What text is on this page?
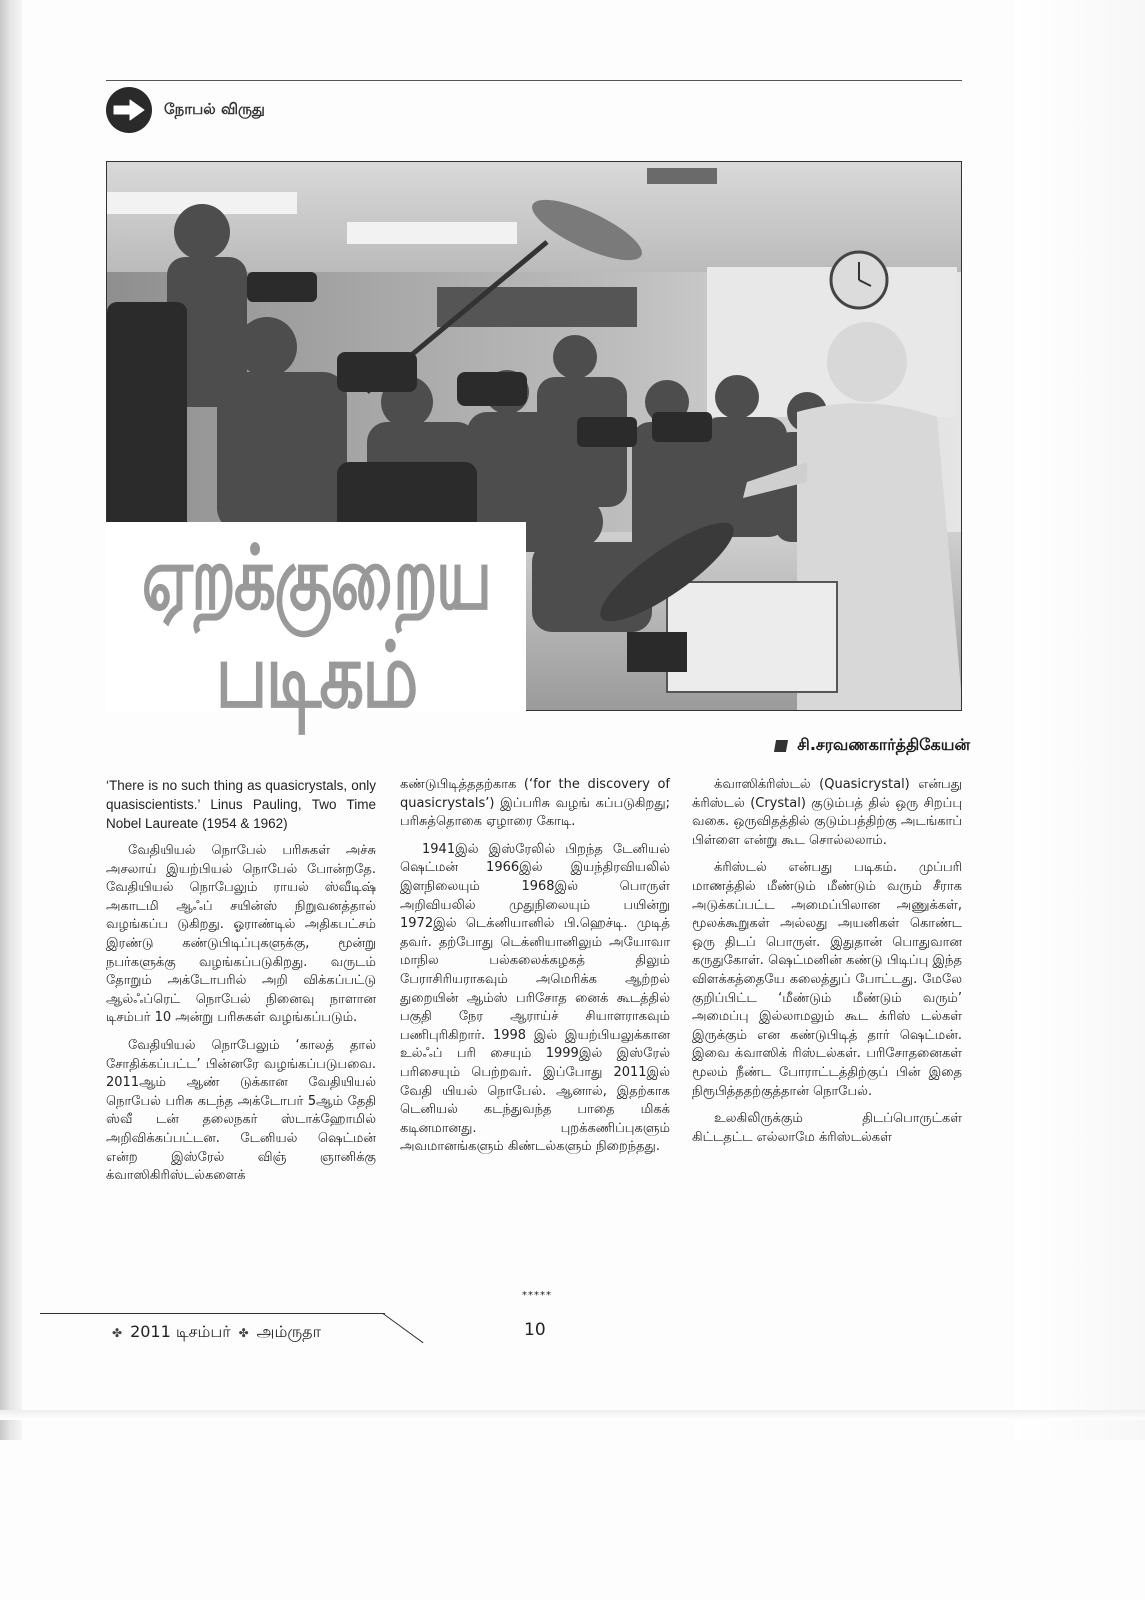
நோபல் விருது
ஏறக்குறைய
படிகம்
சி.சரவணகார்த்திகேயன்

‘There is no such thing as quasicrystals, only quasiscientists.’ Linus Pauling, Two Time Nobel Laureate (1954 & 1962)

வேதியியல் நொபேல் பரிசுகள் அச்சு அசலாய் இயற்பியல் நொபேல் போன்றதே. வேதியியல் நொபேலும் ராயல் ஸ்வீடிஷ் அகாடமி ஆஃப் சயின்ஸ் நிறுவனத்தால் வழங்கப்ப டுகிறது. ஓராண்டில் அதிகபட்சம் இரண்டு கண்டுபிடிப்புகளுக்கு, மூன்று நபர்களுக்கு வழங்கப்படுகிறது. வருடம் தோறும் அக்டோபரில் அறி விக்கப்பட்டு ஆல்ஃப்ரெட் நொபேல் நினைவு நாளான டிசம்பர் 10 அன்று பரிசுகள் வழங்கப்படும்.

வேதியியல் நொபேலும் ‘காலத் தால் சோதிக்கப்பட்ட’ பின்னரே வழங்கப்படுபவை. 2011ஆம் ஆண் டுக்கான வேதியியல் நொபேல் பரிசு கடந்த அக்டோபர் 5ஆம் தேதி ஸ்வீ டன் தலைநகர் ஸ்டாக்ஹோமில் அறிவிக்கப்பட்டன. டேனியல் ஷெட்மன் என்ற இஸ்ரேல் விஞ் ஞானிக்கு க்வாஸிகிரிஸ்டல்களைக்

கண்டுபிடித்ததற்காக (‘for the discovery of quasicrystals’) இப்பரிசு வழங் கப்படுகிறது; பரிசுத்தொகை ஏழாரை கோடி.

1941இல் இஸ்ரேலில் பிறந்த டேனியல் ஷெட்மன் 1966இல் இயந்திரவியலில் இளநிலையும் 1968இல் பொருள் அறிவியலில் முதுநிலையும் பயின்று 1972இல் டெக்னியானில் பி.ஹெச்டி. முடித் தவர். தற்போது டெக்னியானிலும் அயோவா மாநில பல்கலைக்கழகத் திலும் பேராசிரியராகவும் அமெரிக்க ஆற்றல் துறையின் ஆம்ஸ் பரிசோத னைக் கூடத்தில் பகுதி நேர ஆராய்ச் சியாளராகவும் பணிபுரிகிறார். 1998 இல் இயற்பியலுக்கான உல்ஃப் பரி சையும் 1999இல் இஸ்ரேல் பரிசையும் பெற்றவர். இப்போது 2011இல் வேதி யியல் நொபேல். ஆனால், இதற்காக டெனியல் கடந்துவந்த பாதை மிகக் கடினமானது. புறக்கணிப்புகளும் அவமானங்களும் கிண்டல்களும் நிறைந்தது.

க்வாஸிக்ரிஸ்டல் (Quasicrystal) என்பது க்ரிஸ்டல் (Crystal) குடும்பத் தில் ஒரு சிறப்பு வகை. ஒருவிதத்தில் குடும்பத்திற்கு அடங்காப் பிள்ளை என்று கூட சொல்லலாம்.

க்ரிஸ்டல் என்பது படிகம். முப்பரி மாணத்தில் மீண்டும் மீண்டும் வரும் சீராக அடுக்கப்பட்ட அமைப்பிலான அணுக்கள், மூலக்கூறுகள் அல்லது அயனிகள் கொண்ட ஒரு திடப் பொருள். இதுதான் பொதுவான கருதுகோள். ஷெட்மனின் கண்டு பிடிப்பு இந்த விளக்கத்தையே கலைத்துப் போட்டது. மேலே குறிப்பிட்ட ‘மீண்டும் மீண்டும் வரும்’ அமைப்பு இல்லாமலும் கூட க்ரிஸ் டல்கள் இருக்கும் என கண்டுபிடித் தார் ஷெட்மன். இவை க்வாஸிக் ரிஸ்டல்கள். பரிசோதனைகள் மூலம் நீண்ட போராட்டத்திற்குப் பின் இதை நிரூபித்ததற்குத்தான் நொபேல்.

உலகிலிருக்கும் திடப்பொருட்கள் கிட்டதட்ட எல்லாமே க்ரிஸ்டல்கள்

*****
✤ 2011 டிசம்பர் ✤ அம்ருதா	10
